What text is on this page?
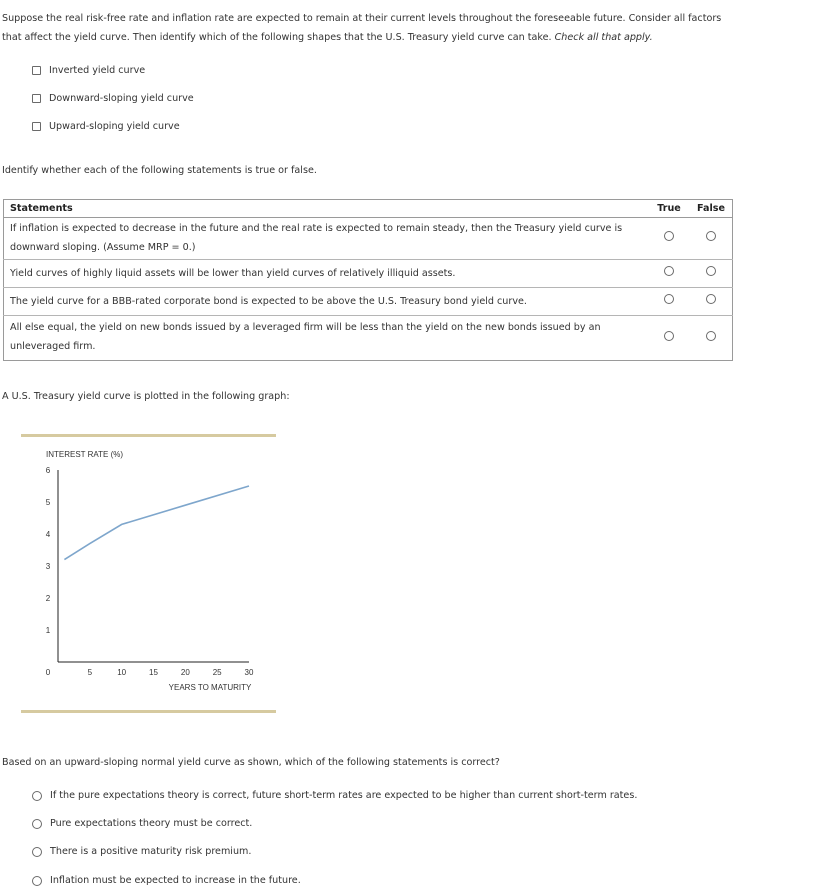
Suppose the real risk-free rate and inflation rate are expected to remain at their current levels throughout the foreseeable future. Consider all factors
that affect the yield curve. Then identify which of the following shapes that the U.S. Treasury yield curve can take. Check all that apply.
Inverted yield curve
Downward-sloping yield curve
Upward-sloping yield curve
Identify whether each of the following statements is true or false.
Statements	True	False

If inflation is expected to decrease in the future and the real rate is expected to remain steady, then the Treasury yield curve is
downward sloping. (Assume MRP = 0.)		

Yield curves of highly liquid assets will be lower than yield curves of relatively illiquid assets.		

The yield curve for a BBB-rated corporate bond is expected to be above the U.S. Treasury bond yield curve.		

All else equal, the yield on new bonds issued by a leveraged firm will be less than the yield on the new bonds issued by an
unleveraged firm.		

A U.S. Treasury yield curve is plotted in the following graph:
INTEREST RATE (%)
YEARS TO MATURITY
1
2
3
4
5
6
0	5	10	15	20	25	30
Based on an upward-sloping normal yield curve as shown, which of the following statements is correct?
If the pure expectations theory is correct, future short-term rates are expected to be higher than current short-term rates.
Pure expectations theory must be correct.
There is a positive maturity risk premium.
Inflation must be expected to increase in the future.
